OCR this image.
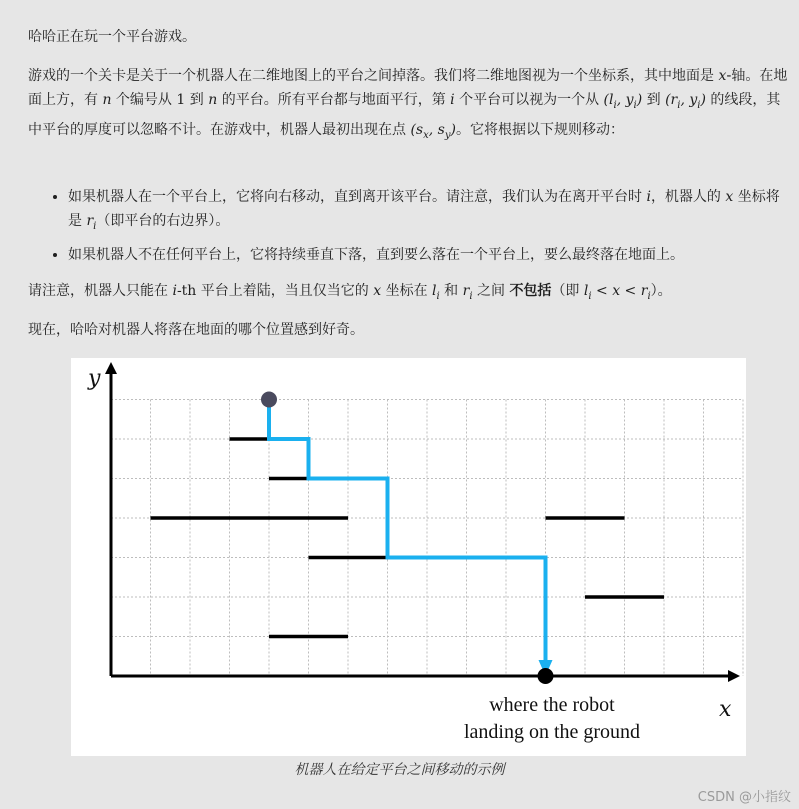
哈哈正在玩一个平台游戏。

游戏的一个关卡是关于一个机器人在二维地图上的平台之间掉落。我们将二维地图视为一个坐标系，其中地面是 x-轴。在地面上方，有 n 个编号从 1 到 n 的平台。所有平台都与地面平行，第 i 个平台可以视为一个从 ($l_i$, $y_i$) 到 ($r_i$, $y_i$) 的线段，其中平台的厚度可以忽略不计。在游戏中，机器人最初出现在点 ($s_x$, $s_y$)。它将根据以下规则移动：

• 如果机器人在一个平台上，它将向右移动，直到离开该平台。请注意，我们认为在离开平台时 i，机器人的 x 坐标将是 $r_i$（即平台的右边界）。
• 如果机器人不在任何平台上，它将持续垂直下落，直到要么落在一个平台上，要么最终落在地面上。

请注意，机器人只能在 i-th 平台上着陆，当且仅当它的 x 坐标在 $l_i$ 和 $r_i$ 之间 不包括（即 $l_i < x < r_i$）。

现在，哈哈对机器人将落在地面的哪个位置感到好奇。

y
x
where the robot
landing on the ground
机器人在给定平台之间移动的示例
CSDN @小指纹
